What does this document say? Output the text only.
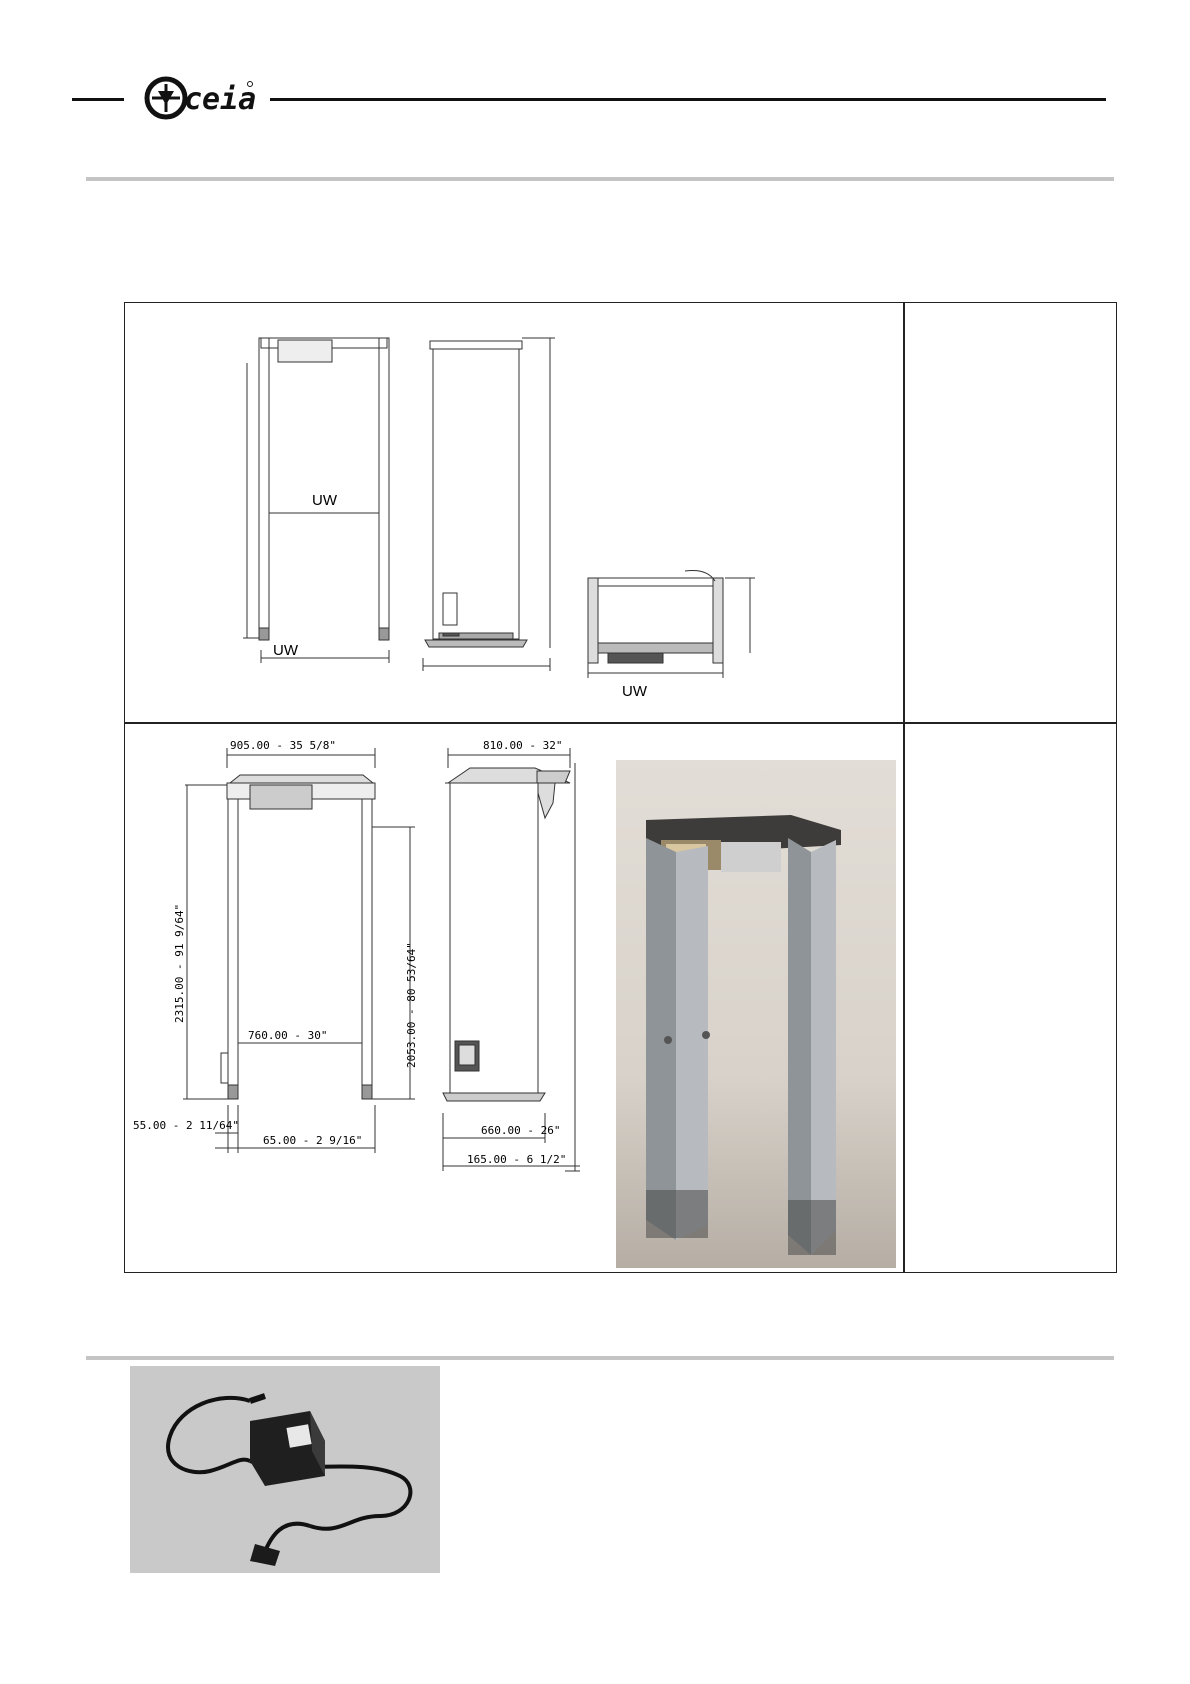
ceia
UW
UW
UW
905.00 - 35 5/8"
2315.00 - 91 9/64"	2053.00 - 80 53/64"
760.00 - 30"
55.00 - 2 11/64"
65.00 - 2 9/16"
810.00 - 32"
660.00 - 26"
165.00 - 6 1/2"
